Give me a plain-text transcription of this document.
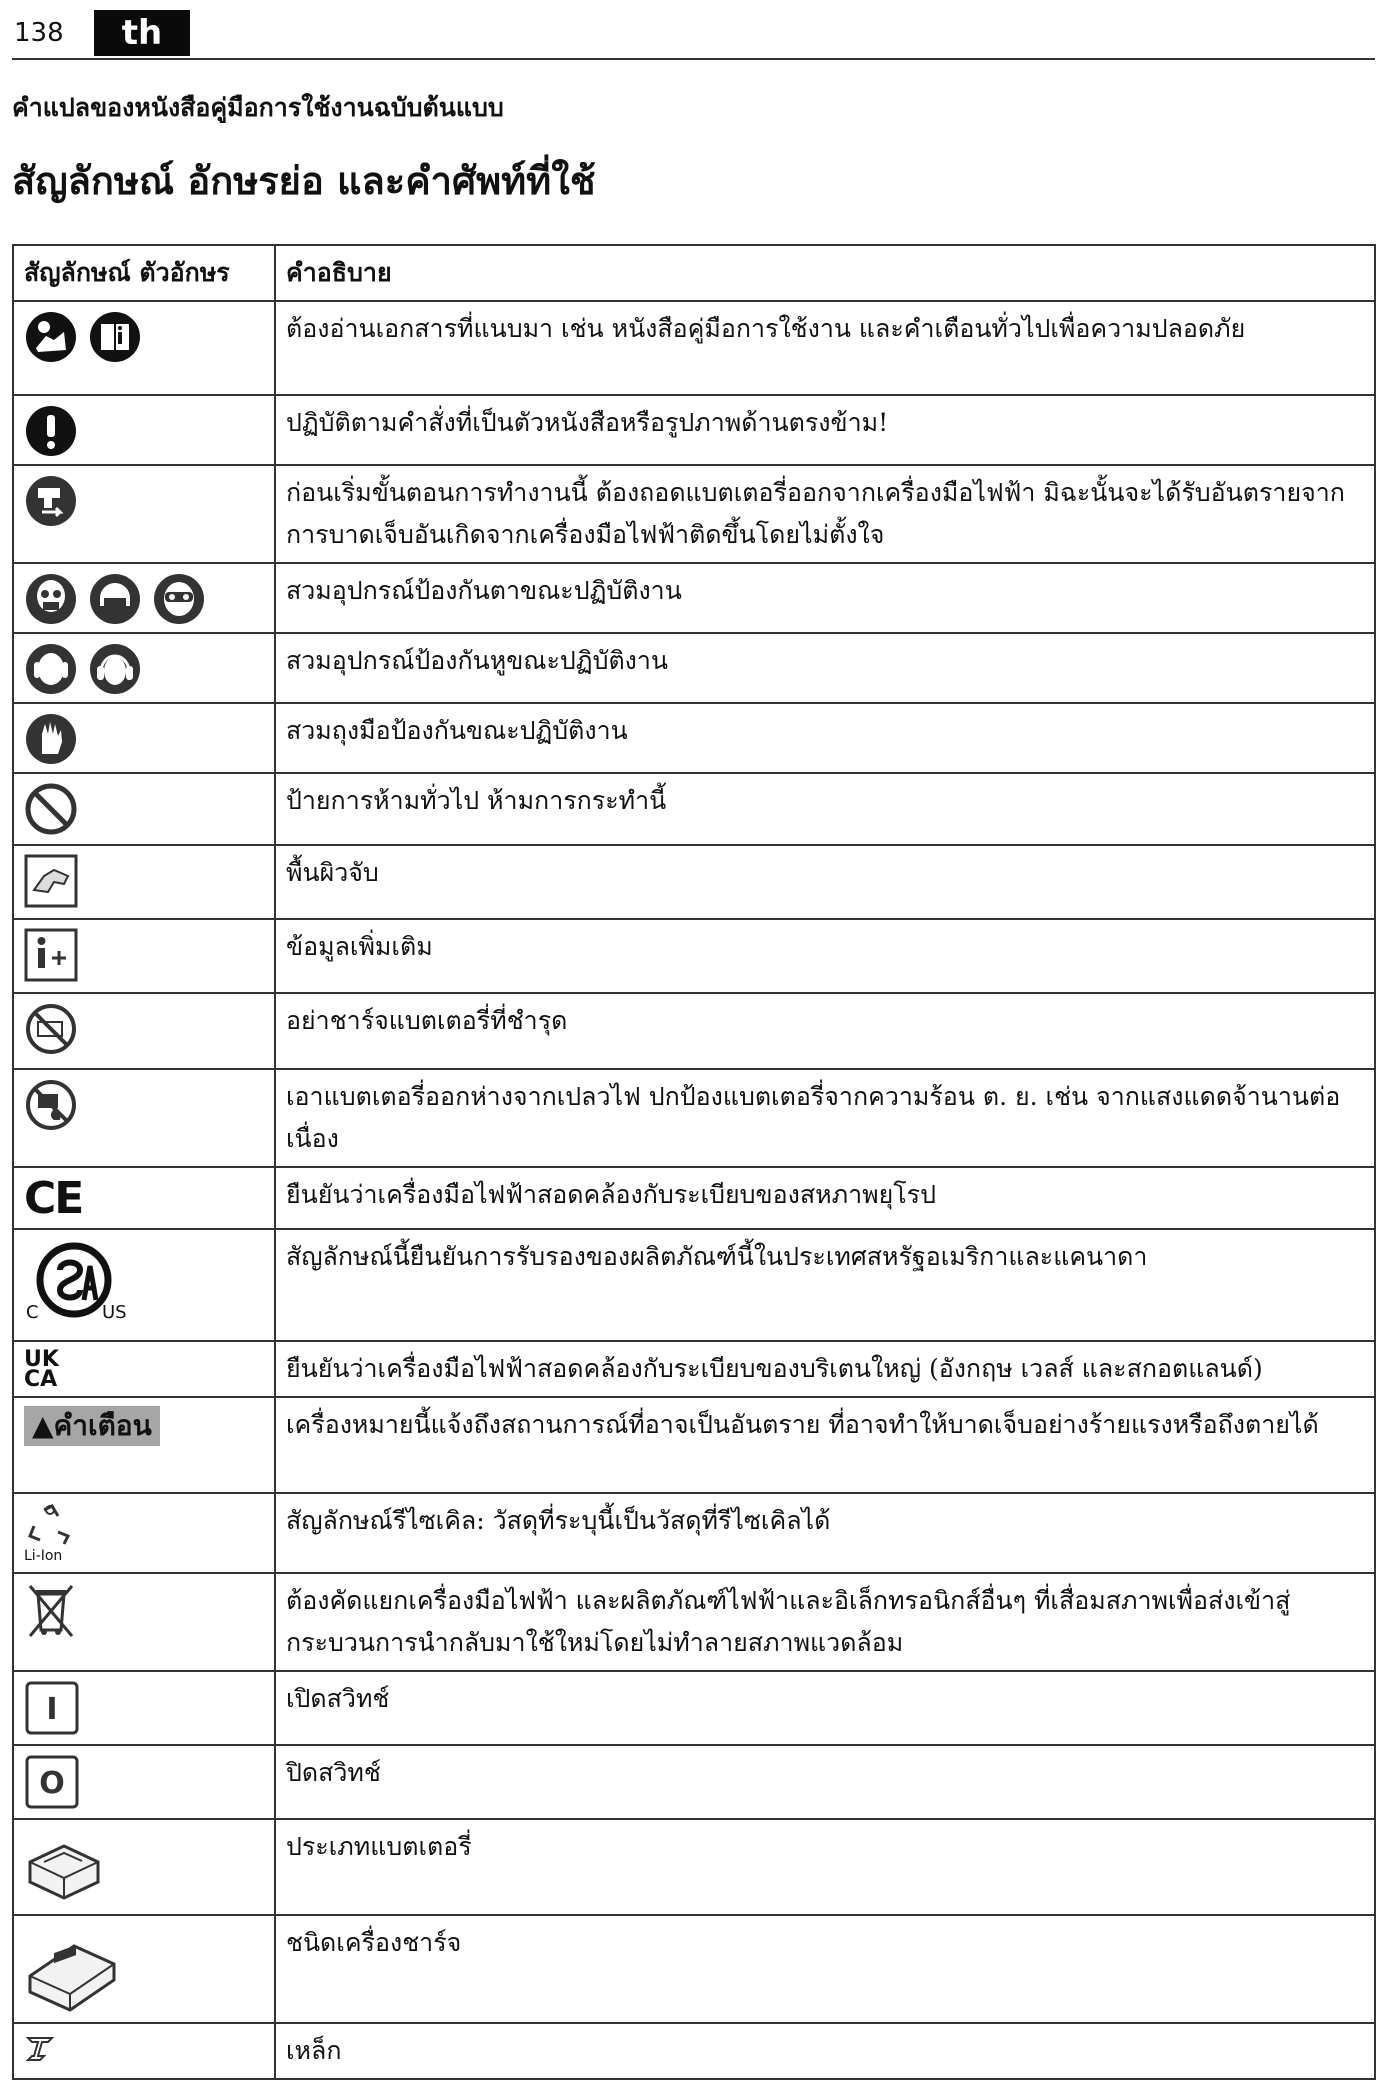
138	th
คำแปลของหนังสือคู่มือการใช้งานฉบับต้นแบบ
สัญลักษณ์ อักษรย่อ และคำศัพท์ที่ใช้
สัญลักษณ์ ตัวอักษร	คำอธิบาย

	ต้องอ่านเอกสารที่แนบมา เช่น หนังสือคู่มือการใช้งาน และคำเตือนทั่วไปเพื่อความปลอดภัย

	ปฏิบัติตามคำสั่งที่เป็นตัวหนังสือหรือรูปภาพด้านตรงข้าม!

	ก่อนเริ่มขั้นตอนการทำงานนี้ ต้องถอดแบตเตอรี่ออกจากเครื่องมือไฟฟ้า มิฉะนั้นจะได้รับอันตรายจากการบาดเจ็บอันเกิดจากเครื่องมือไฟฟ้าติดขึ้นโดยไม่ตั้งใจ

	สวมอุปกรณ์ป้องกันตาขณะปฏิบัติงาน

	สวมอุปกรณ์ป้องกันหูขณะปฏิบัติงาน

	สวมถุงมือป้องกันขณะปฏิบัติงาน

	ป้ายการห้ามทั่วไป ห้ามการกระทำนี้

	พื้นผิวจับ

	ข้อมูลเพิ่มเติม

	อย่าชาร์จแบตเตอรี่ที่ชำรุด

	เอาแบตเตอรี่ออกห่างจากเปลวไฟ ปกป้องแบตเตอรี่จากความร้อน ต. ย. เช่น จากแสงแดดจ้านานต่อเนื่อง

CE	ยืนยันว่าเครื่องมือไฟฟ้าสอดคล้องกับระเบียบของสหภาพยุโรป

C US	สัญลักษณ์นี้ยืนยันการรับรองของผลิตภัณฑ์นี้ในประเทศสหรัฐอเมริกาและแคนาดา

UK
CA	ยืนยันว่าเครื่องมือไฟฟ้าสอดคล้องกับระเบียบของบริเตนใหญ่ (อังกฤษ เวลส์ และสกอตแลนด์)

▲คำเตือน	เครื่องหมายนี้แจ้งถึงสถานการณ์ที่อาจเป็นอันตราย ที่อาจทำให้บาดเจ็บอย่างร้ายแรงหรือถึงตายได้

Li-Ion	สัญลักษณ์รีไซเคิล: วัสดุที่ระบุนี้เป็นวัสดุที่รีไซเคิลได้

	ต้องคัดแยกเครื่องมือไฟฟ้า และผลิตภัณฑ์ไฟฟ้าและอิเล็กทรอนิกส์อื่นๆ ที่เสื่อมสภาพเพื่อส่งเข้าสู่กระบวนการนำกลับมาใช้ใหม่โดยไม่ทำลายสภาพแวดล้อม

I	เปิดสวิทช์

O	ปิดสวิทช์

	ประเภทแบตเตอรี่

	ชนิดเครื่องชาร์จ

	เหล็ก
